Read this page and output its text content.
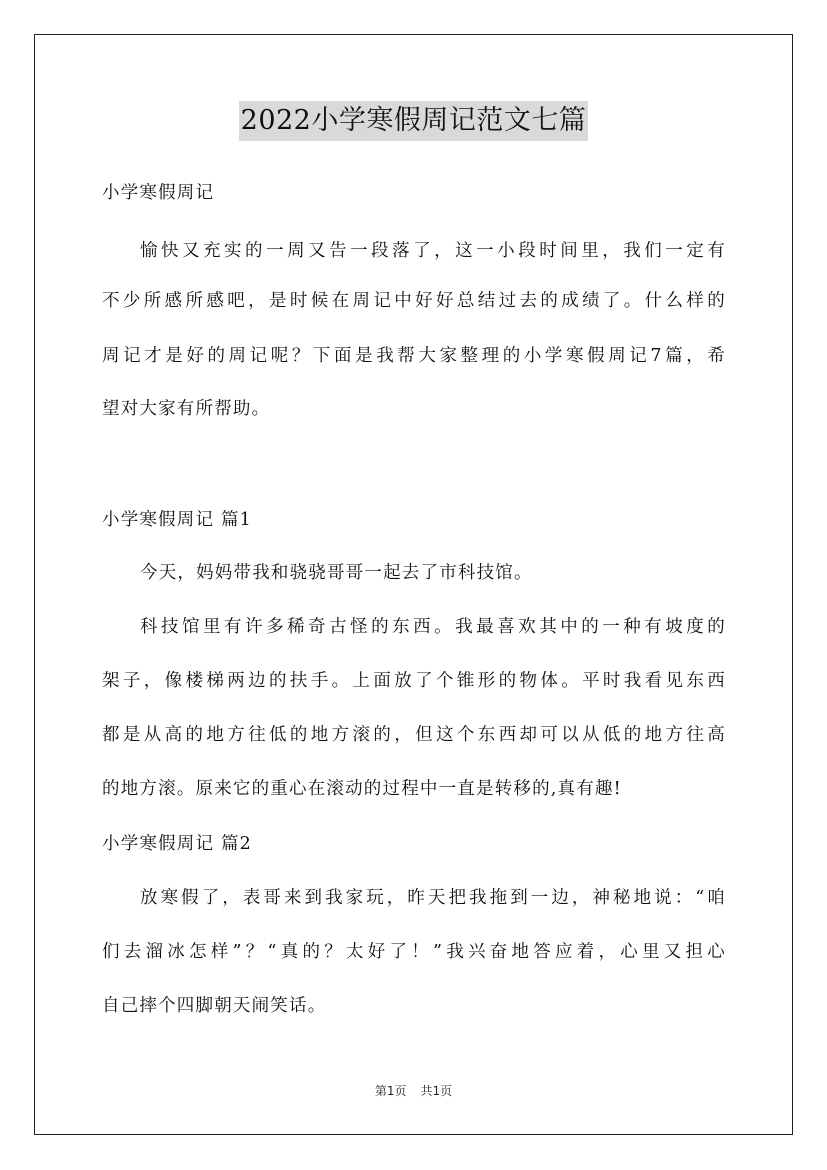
2022小学寒假周记范文七篇
小学寒假周记
愉快又充实的一周又告一段落了，这一小段时间里，我们一定有
不少所感所感吧，是时候在周记中好好总结过去的成绩了。什么样的
周记才是好的周记呢？下面是我帮大家整理的小学寒假周记7篇，希
望对大家有所帮助。
小学寒假周记 篇1
今天，妈妈带我和骁骁哥哥一起去了市科技馆。
科技馆里有许多稀奇古怪的东西。我最喜欢其中的一种有坡度的
架子，像楼梯两边的扶手。上面放了个锥形的物体。平时我看见东西
都是从高的地方往低的地方滚的，但这个东西却可以从低的地方往高
的地方滚。原来它的重心在滚动的过程中一直是转移的,真有趣!
小学寒假周记 篇2
放寒假了，表哥来到我家玩，昨天把我拖到一边，神秘地说：“咱
们去溜冰怎样”？“真的？太好了！”我兴奋地答应着，心里又担心
自己摔个四脚朝天闹笑话。
第1页 共1页
